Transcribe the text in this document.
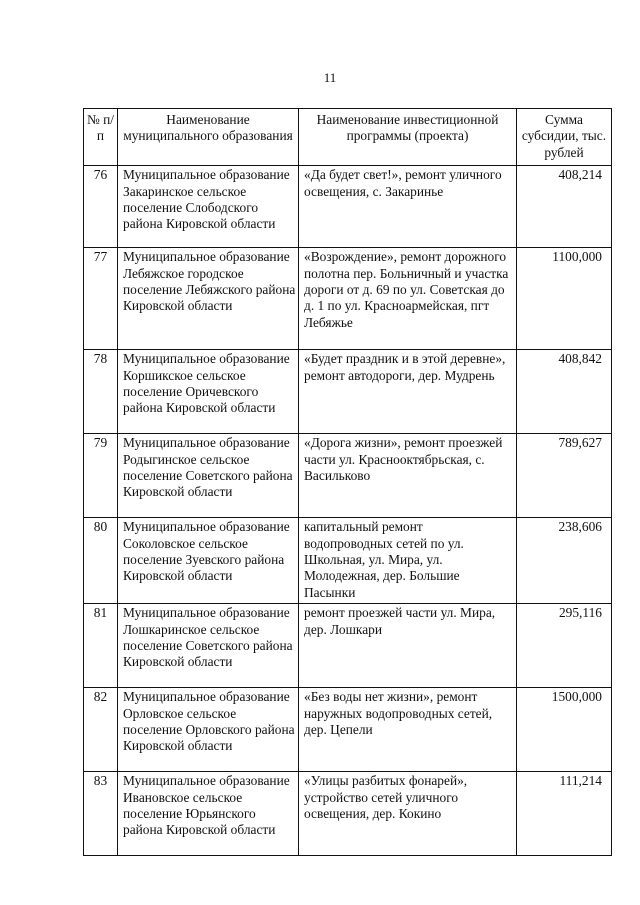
11
№ п/п	Наименование муниципального образования	Наименование инвестиционной программы (проекта)	Сумма субсидии, тыс. рублей
76	Муниципальное образование Закаринское сельское поселение Слободского района Кировской области	«Да будет свет!», ремонт уличного освещения, с. Закаринье	408,214
77	Муниципальное образование Лебяжское городское поселение Лебяжского района Кировской области	«Возрождение», ремонт дорожного полотна пер. Больничный и участка дороги от д. 69 по ул. Советская до д. 1 по ул. Красноармейская, пгт Лебяжье	1100,000
78	Муниципальное образование Коршикское сельское поселение Оричевского района Кировской области	«Будет праздник и в этой деревне», ремонт автодороги, дер. Мудрень	408,842
79	Муниципальное образование Родыгинское сельское поселение Советского района Кировской области	«Дорога жизни», ремонт проезжей части ул. Краснооктябрьская, с. Васильково	789,627
80	Муниципальное образование Соколовское сельское поселение Зуевского района Кировской области	капитальный ремонт водопроводных сетей по ул. Школьная, ул. Мира, ул. Молодежная, дер. Большие Пасынки	238,606
81	Муниципальное образование Лошкаринское сельское поселение Советского района Кировской области	ремонт проезжей части ул. Мира, дер. Лошкари	295,116
82	Муниципальное образование Орловское сельское поселение Орловского района Кировской области	«Без воды нет жизни», ремонт наружных водопроводных сетей, дер. Цепели	1500,000
83	Муниципальное образование Ивановское сельское поселение Юрьянского района Кировской области	«Улицы разбитых фонарей», устройство сетей уличного освещения, дер. Кокино	111,214
